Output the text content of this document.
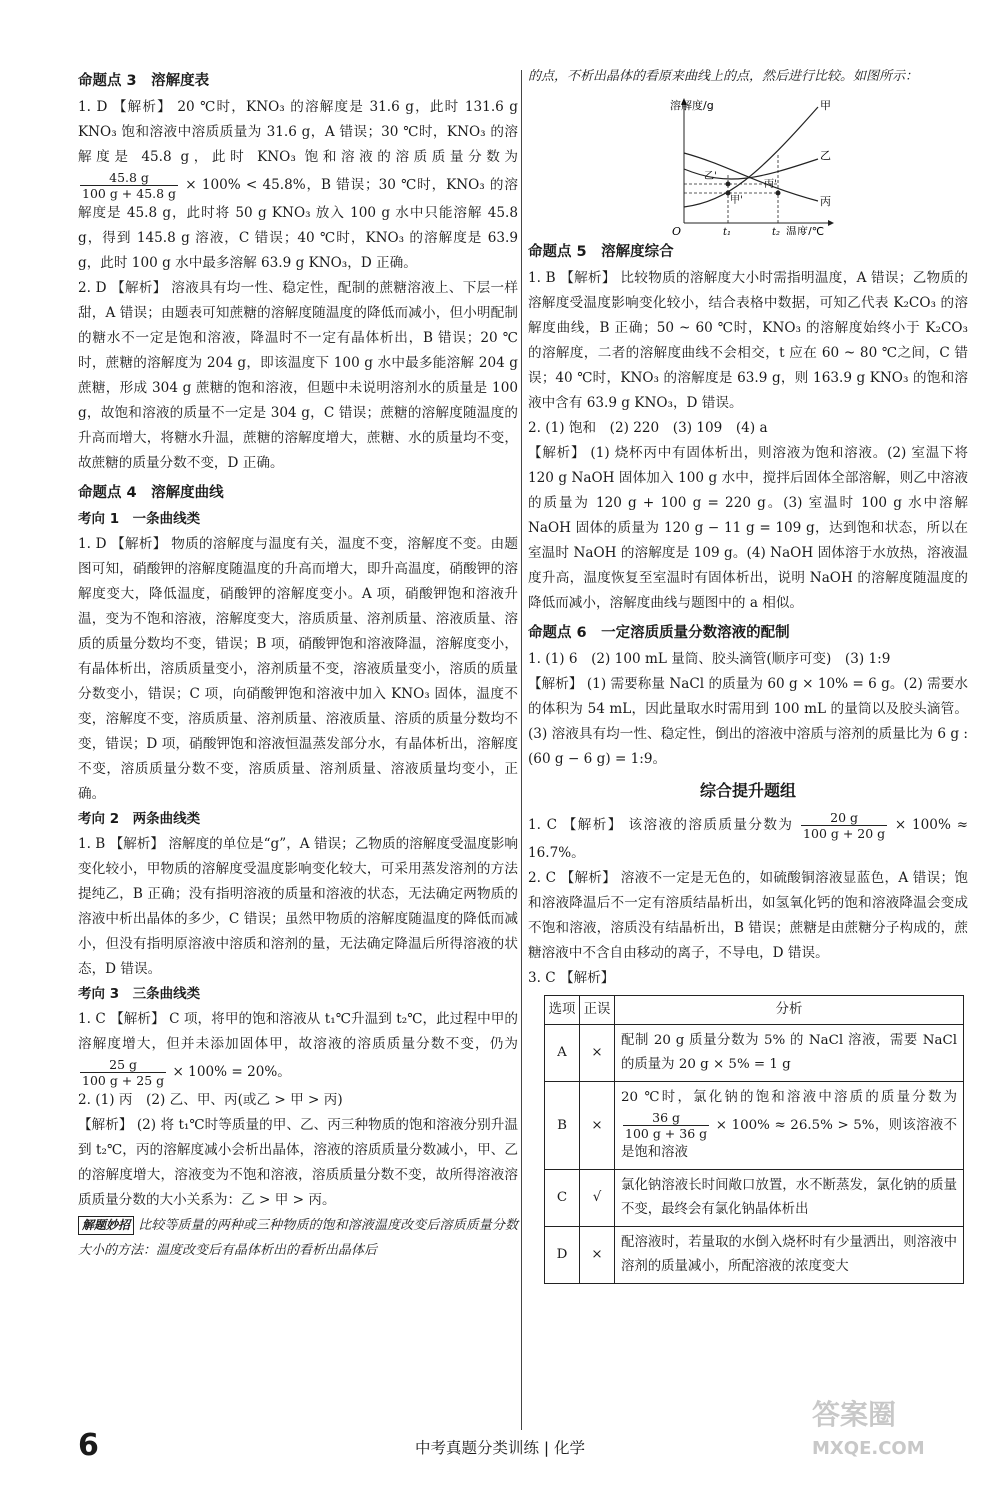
命题点 3　溶解度表

1. D 【解析】 20 ℃时，KNO₃ 的溶解度是 31.6 g，此时 131.6 g KNO₃ 饱和溶液中溶质质量为 31.6 g，A 错误；30 ℃时，KNO₃ 的溶解度是 45.8 g，此时 KNO₃ 饱和溶液的溶质质量分数为
$\frac{45.8 g}{100 g + 45.8 g} \times 100\% < 45.8\%$，B 错误；30 ℃时，KNO₃ 的溶解度是 45.8 g，此时将 50 g KNO₃ 放入 100 g 水中只能溶解 45.8 g，得到 145.8 g 溶液，C 错误；40 ℃时，KNO₃ 的溶解度是 63.9 g，此时 100 g 水中最多溶解 63.9 g KNO₃，D 正确。

2. D 【解析】 溶液具有均一性、稳定性，配制的蔗糖溶液上、下层一样甜，A 错误；由题表可知蔗糖的溶解度随温度的降低而减小，但小明配制的糖水不一定是饱和溶液，降温时不一定有晶体析出，B 错误；20 ℃时，蔗糖的溶解度为 204 g，即该温度下 100 g 水中最多能溶解 204 g 蔗糖，形成 304 g 蔗糖的饱和溶液，但题中未说明溶剂水的质量是 100 g，故饱和溶液的质量不一定是 304 g，C 错误；蔗糖的溶解度随温度的升高而增大，将糖水升温，蔗糖的溶解度增大，蔗糖、水的质量均不变，故蔗糖的质量分数不变，D 正确。

命题点 4　溶解度曲线

考向 1　一条曲线类

1. D 【解析】 物质的溶解度与温度有关，温度不变，溶解度不变。由题图可知，硝酸钾的溶解度随温度的升高而增大，即升高温度，硝酸钾的溶解度变大，降低温度，硝酸钾的溶解度变小。A 项，硝酸钾饱和溶液升温，变为不饱和溶液，溶解度变大，溶质质量、溶剂质量、溶液质量、溶质的质量分数均不变，错误；B 项，硝酸钾饱和溶液降温，溶解度变小，有晶体析出，溶质质量变小，溶剂质量不变，溶液质量变小，溶质的质量分数变小，错误；C 项，向硝酸钾饱和溶液中加入 KNO₃ 固体，温度不变，溶解度不变，溶质质量、溶剂质量、溶液质量、溶质的质量分数均不变，错误；D 项，硝酸钾饱和溶液恒温蒸发部分水，有晶体析出，溶解度不变，溶质质量分数不变，溶质质量、溶剂质量、溶液质量均变小，正确。

考向 2　两条曲线类

1. B 【解析】 溶解度的单位是“g”，A 错误；乙物质的溶解度受温度影响变化较小，甲物质的溶解度受温度影响变化较大，可采用蒸发溶剂的方法提纯乙，B 正确；没有指明溶液的质量和溶液的状态，无法确定两物质的溶液中析出晶体的多少，C 错误；虽然甲物质的溶解度随温度的降低而减小，但没有指明原溶液中溶质和溶剂的量，无法确定降温后所得溶液的状态，D 错误。

考向 3　三条曲线类

1. C 【解析】 C 项，将甲的饱和溶液从 t₁℃升温到 t₂℃，此过程中甲的溶解度增大，但并未添加固体甲，故溶液的溶质质量分数不变，仍为
$\frac{25 g}{100 g + 25 g} \times 100\% = 20\%$。

2. (1) 丙　(2) 乙、甲、丙(或乙 > 甲 > 丙)

【解析】 (2) 将 t₁℃时等质量的甲、乙、丙三种物质的饱和溶液分别升温到 t₂℃，丙的溶解度减小会析出晶体，溶液的溶质质量分数减小，甲、乙的溶解度增大，溶液变为不饱和溶液，溶质质量分数不变，故所得溶液溶质质量分数的大小关系为：乙 > 甲 > 丙。

解题妙招 比较等质量的两种或三种物质的饱和溶液温度改变后溶质质量分数大小的方法：温度改变后有晶体析出的看析出晶体后

的点，不析出晶体的看原来曲线上的点，然后进行比较。如图所示：

溶解度/g
温度/℃
O	t₁	t₂
甲
乙
丙
乙'
丙'
甲'

命题点 5　溶解度综合

1. B 【解析】 比较物质的溶解度大小时需指明温度，A 错误；乙物质的溶解度受温度影响变化较小，结合表格中数据，可知乙代表 K₂CO₃ 的溶解度曲线，B 正确；50 ~ 60 ℃时，KNO₃ 的溶解度始终小于 K₂CO₃ 的溶解度，二者的溶解度曲线不会相交，t 应在 60 ~ 80 ℃之间，C 错误；40 ℃时，KNO₃ 的溶解度是 63.9 g，则 163.9 g KNO₃ 的饱和溶液中含有 63.9 g KNO₃，D 错误。

2. (1) 饱和　(2) 220　(3) 109　(4) a

【解析】 (1) 烧杯丙中有固体析出，则溶液为饱和溶液。(2) 室温下将 120 g NaOH 固体加入 100 g 水中，搅拌后固体全部溶解，则乙中溶液的质量为 120 g + 100 g = 220 g。(3) 室温时 100 g 水中溶解 NaOH 固体的质量为 120 g − 11 g = 109 g，达到饱和状态，所以在室温时 NaOH 的溶解度是 109 g。(4) NaOH 固体溶于水放热，溶液温度升高，温度恢复至室温时有固体析出，说明 NaOH 的溶解度随温度的降低而减小，溶解度曲线与题图中的 a 相似。

命题点 6　一定溶质质量分数溶液的配制

1. (1) 6　(2) 100 mL 量筒、胶头滴管(顺序可变)　(3) 1:9

【解析】 (1) 需要称量 NaCl 的质量为 60 g × 10% = 6 g。(2) 需要水的体积为 54 mL，因此量取水时需用到 100 mL 的量筒以及胶头滴管。(3) 溶液具有均一性、稳定性，倒出的溶液中溶质与溶剂的质量比为 6 g : (60 g − 6 g) = 1:9。

综合提升题组

1. C 【解析】 该溶液的溶质质量分数为 $\frac{20 g}{100 g + 20 g} \times 100\% \approx 16.7\%$。

2. C 【解析】 溶液不一定是无色的，如硫酸铜溶液显蓝色，A 错误；饱和溶液降温后不一定有溶质结晶析出，如氢氧化钙的饱和溶液降温会变成不饱和溶液，溶质没有结晶析出，B 错误；蔗糖是由蔗糖分子构成的，蔗糖溶液中不含自由移动的离子，不导电，D 错误。

3. C 【解析】

选项	正误	分析
A	×	配制 20 g 质量分数为 5% 的 NaCl 溶液，需要 NaCl 的质量为 20 g × 5% = 1 g
B	×	20 ℃时，氯化钠的饱和溶液中溶质的质量分数为
$\frac{36 g}{100 g + 36 g} \times 100\% \approx 26.5\% > 5\%$，则该溶液不是饱和溶液
C	√	氯化钠溶液长时间敞口放置，水不断蒸发，氯化钠的质量不变，最终会有氯化钠晶体析出
D	×	配溶液时，若量取的水倒入烧杯时有少量洒出，则溶液中溶剂的质量减小，所配溶液的浓度变大
6	中考真题分类训练 | 化学
答案圈
MXQE.COM
